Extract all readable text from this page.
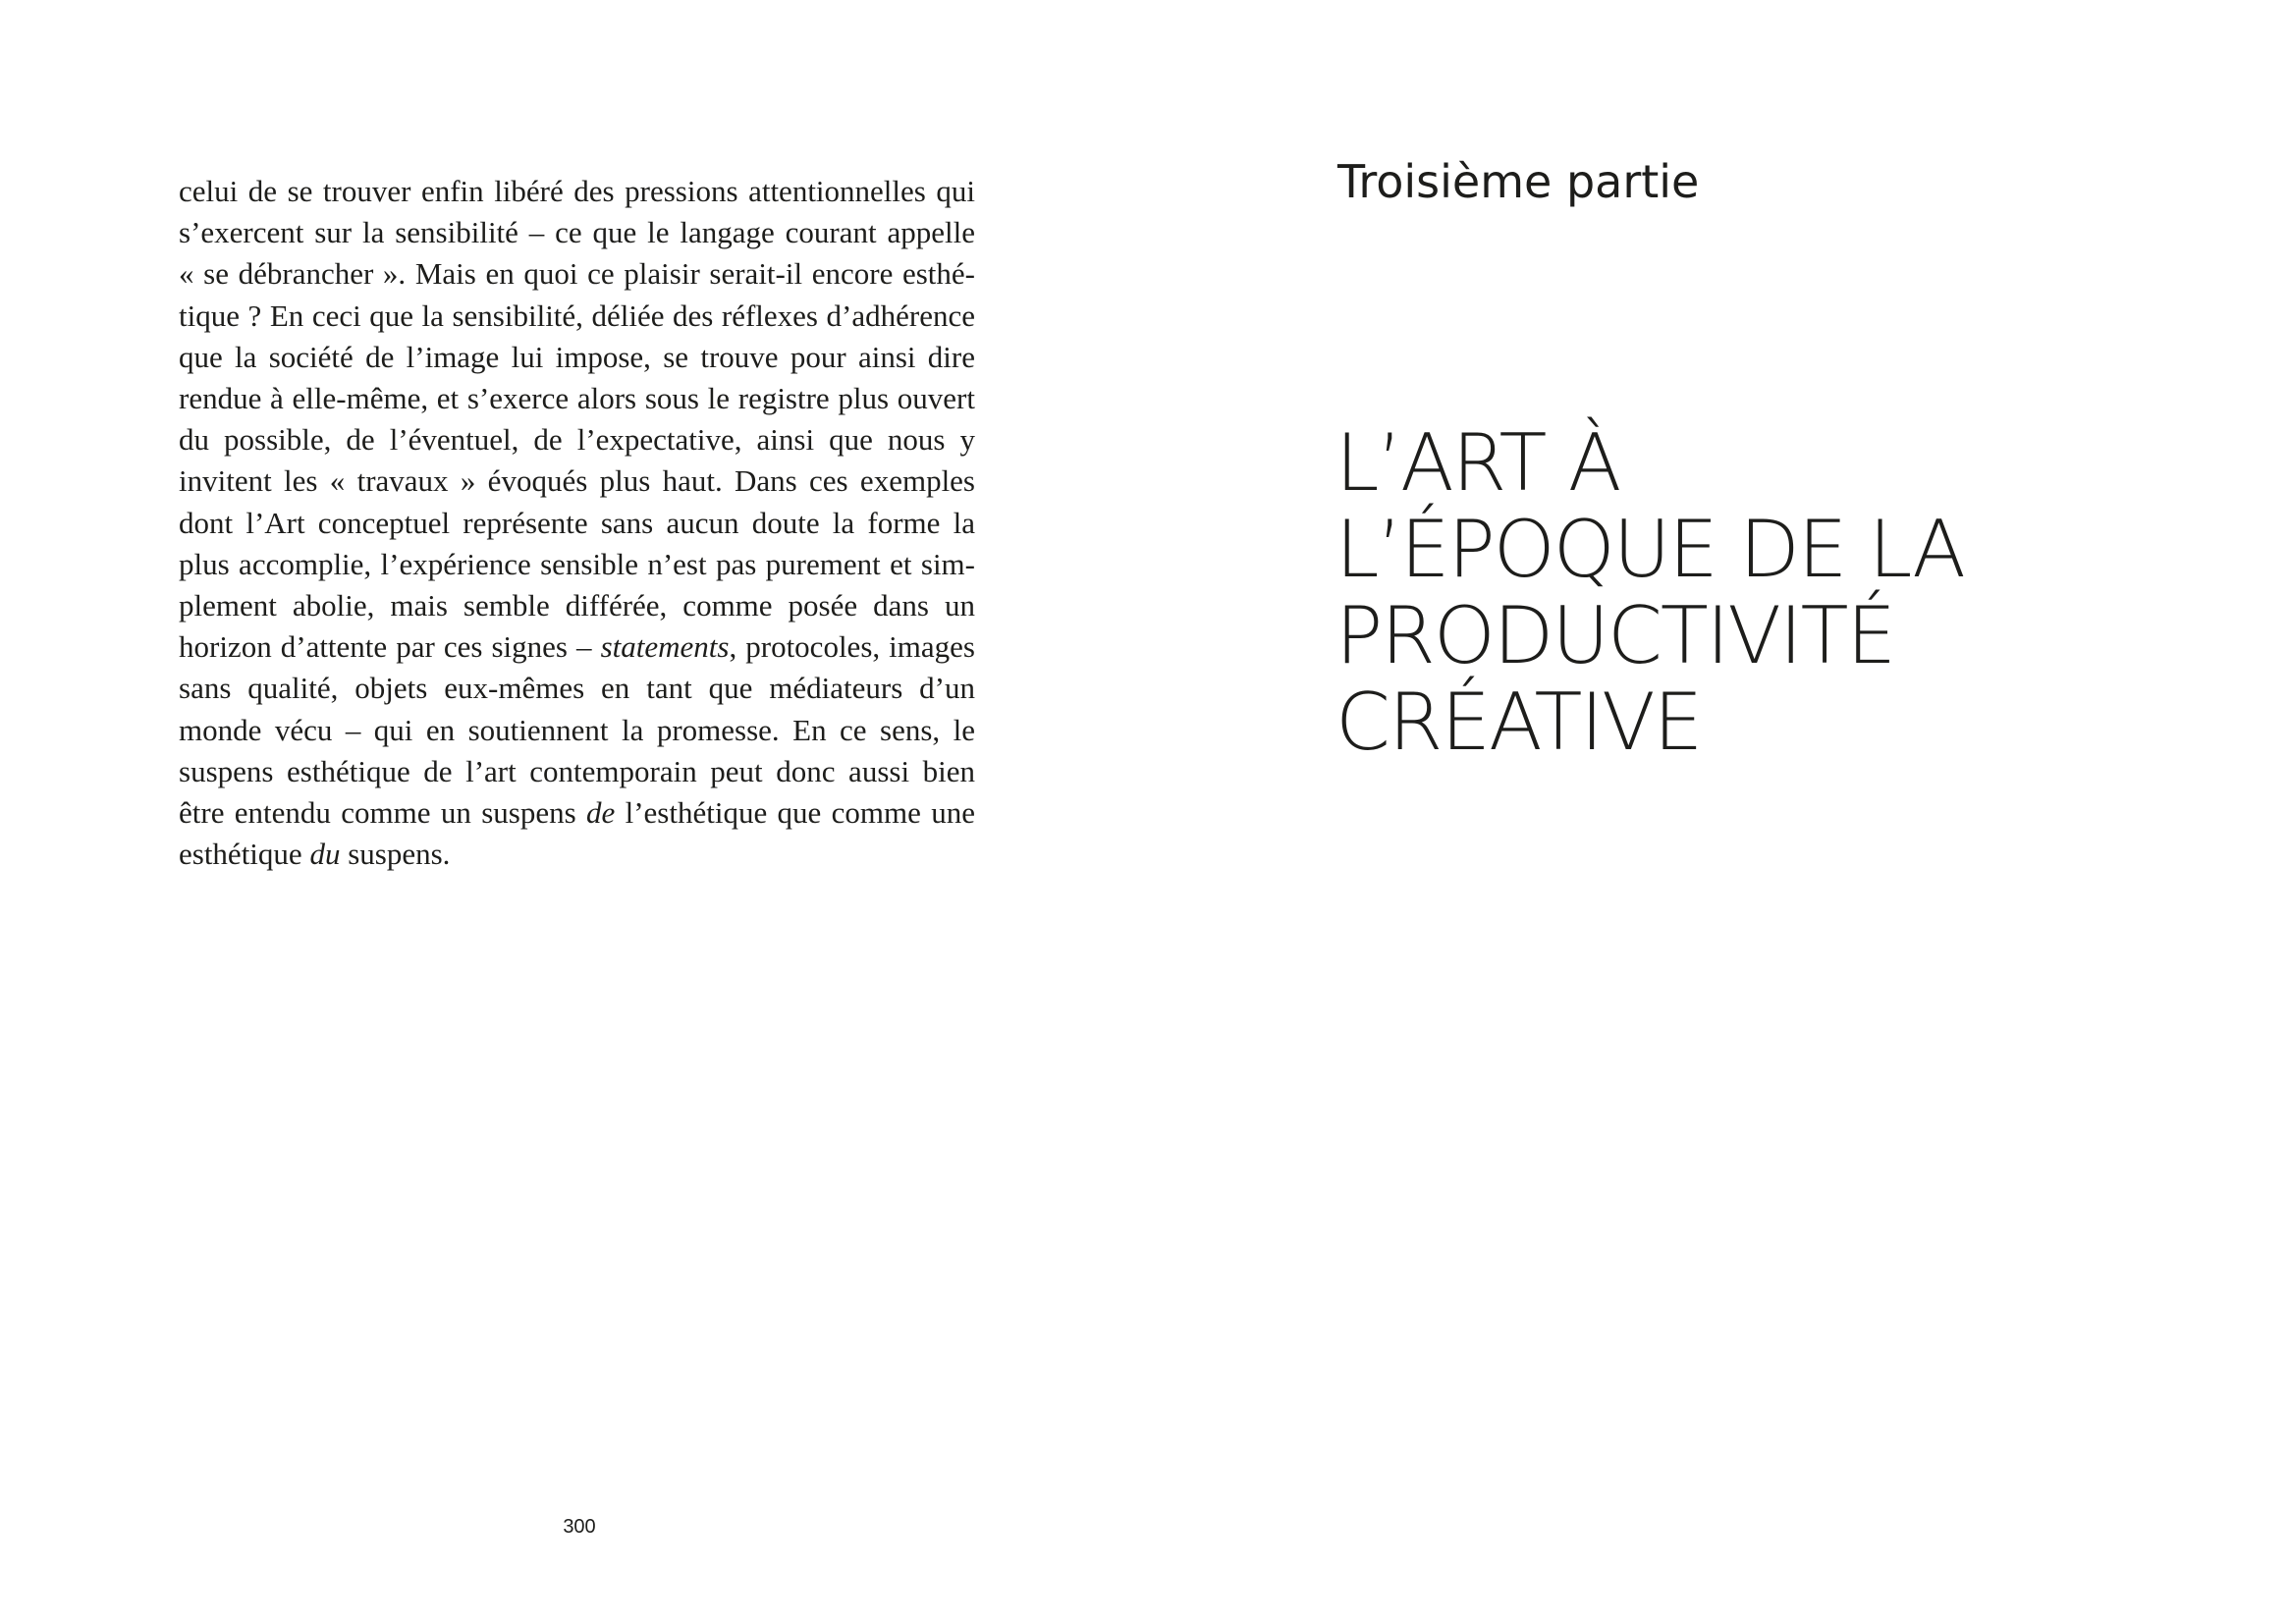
celui de se trouver enfin libéré des pressions attentionnelles qui
s’exercent sur la sensibilité – ce que le langage courant appelle
« se débrancher ». Mais en quoi ce plaisir serait-il encore esthé-
tique ? En ceci que la sensibilité, déliée des réflexes d’adhérence
que la société de l’image lui impose, se trouve pour ainsi dire
rendue à elle-même, et s’exerce alors sous le registre plus ouvert
du possible, de l’éventuel, de l’expectative, ainsi que nous y
invitent les « travaux » évoqués plus haut. Dans ces exemples
dont l’Art conceptuel représente sans aucun doute la forme la
plus accomplie, l’expérience sensible n’est pas purement et sim-
plement abolie, mais semble différée, comme posée dans un
horizon d’attente par ces signes – statements, protocoles, images
sans qualité, objets eux-mêmes en tant que médiateurs d’un
monde vécu – qui en soutiennent la promesse. En ce sens, le
suspens esthétique de l’art contemporain peut donc aussi bien
être entendu comme un suspens de l’esthétique que comme une
esthétique du suspens.

300
Troisième partie
L’ART À
L’ÉPOQUE DE LA
PRODUCTIVITÉ
CRÉATIVE
